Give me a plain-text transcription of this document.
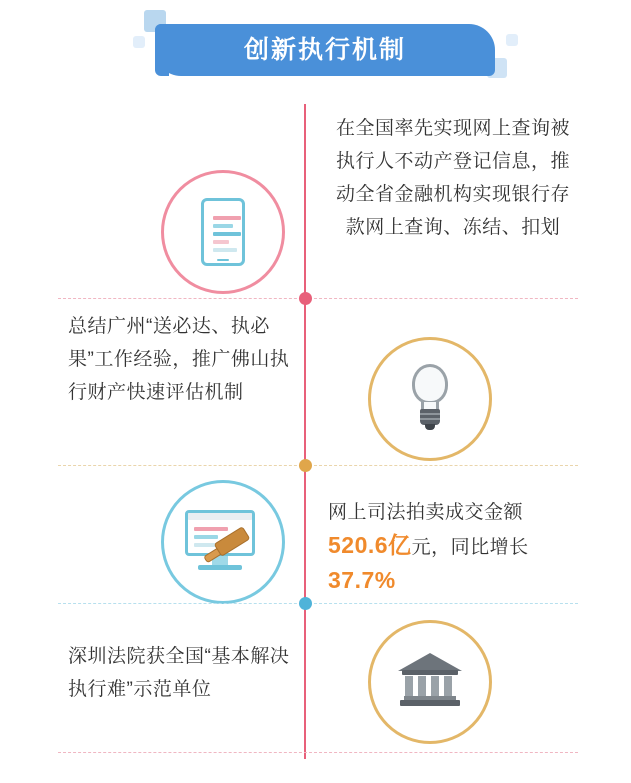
创新执行机制
在全国率先实现网上查询被执行人不动产登记信息，推动全省金融机构实现银行存款网上查询、冻结、扣划
总结广州“送必达、执必果”工作经验，推广佛山执行财产快速评估机制
网上司法拍卖成交金额
520.6亿元，同比增长
37.7%
深圳法院获全国“基本解决执行难”示范单位
